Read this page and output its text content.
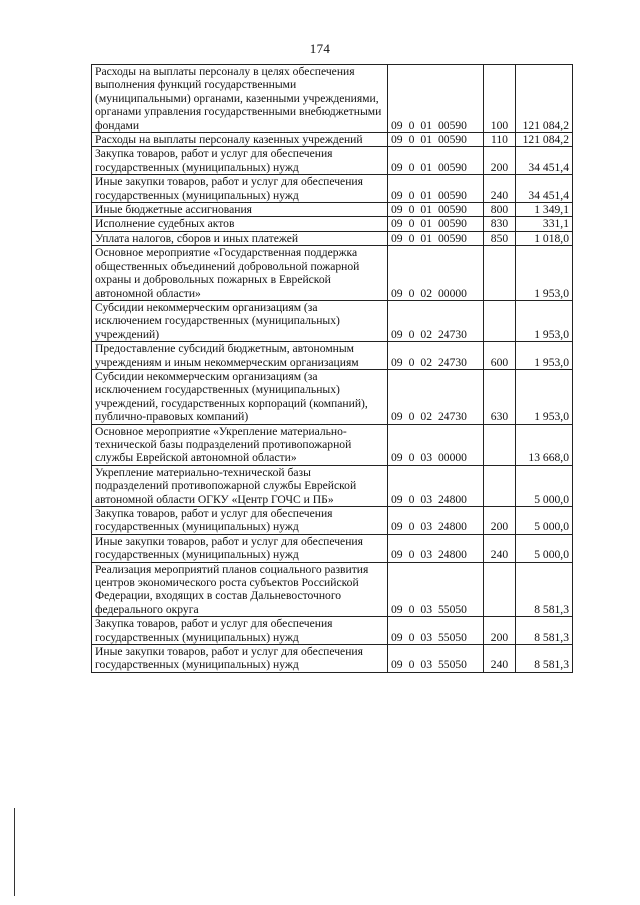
174
Расходы на выплаты персоналу в целях обеспечения выполнения функций государственными (муниципальными) органами, казенными учреждениями, органами управления государственными внебюджетными фондами	09 0 01 00590	100	121 084,2
Расходы на выплаты персоналу казенных учреждений	09 0 01 00590	110	121 084,2
Закупка товаров, работ и услуг для обеспечения государственных (муниципальных) нужд	09 0 01 00590	200	34 451,4
Иные закупки товаров, работ и услуг для обеспечения государственных (муниципальных) нужд	09 0 01 00590	240	34 451,4
Иные бюджетные ассигнования	09 0 01 00590	800	1 349,1
Исполнение судебных актов	09 0 01 00590	830	331,1
Уплата налогов, сборов и иных платежей	09 0 01 00590	850	1 018,0
Основное мероприятие «Государственная поддержка общественных объединений добровольной пожарной охраны и добровольных пожарных в Еврейской автономной области»	09 0 02 00000		1 953,0
Субсидии некоммерческим организациям (за исключением государственных (муниципальных) учреждений)	09 0 02 24730		1 953,0
Предоставление субсидий бюджетным, автономным учреждениям и иным некоммерческим организациям	09 0 02 24730	600	1 953,0
Субсидии некоммерческим организациям (за исключением государственных (муниципальных) учреждений, государственных корпораций (компаний), публично-правовых компаний)	09 0 02 24730	630	1 953,0
Основное мероприятие «Укрепление материально-технической базы подразделений противопожарной службы Еврейской автономной области»	09 0 03 00000		13 668,0
Укрепление материально-технической базы подразделений противопожарной службы Еврейской автономной области ОГКУ «Центр ГОЧС и ПБ»	09 0 03 24800		5 000,0
Закупка товаров, работ и услуг для обеспечения государственных (муниципальных) нужд	09 0 03 24800	200	5 000,0
Иные закупки товаров, работ и услуг для обеспечения государственных (муниципальных) нужд	09 0 03 24800	240	5 000,0
Реализация мероприятий планов социального развития центров экономического роста субъектов Российской Федерации, входящих в состав Дальневосточного федерального округа	09 0 03 55050		8 581,3
Закупка товаров, работ и услуг для обеспечения государственных (муниципальных) нужд	09 0 03 55050	200	8 581,3
Иные закупки товаров, работ и услуг для обеспечения государственных (муниципальных) нужд	09 0 03 55050	240	8 581,3
